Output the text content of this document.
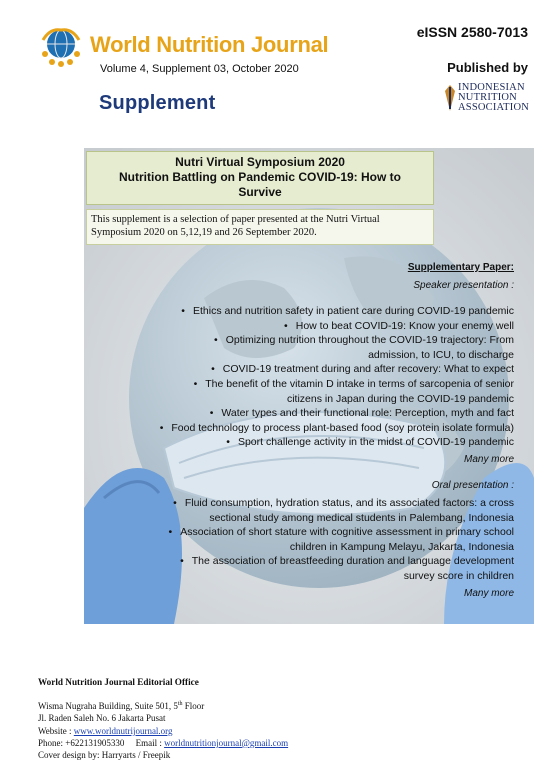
World Nutrition Journal
Volume 4, Supplement 03, October 2020
eISSN 2580-7013
Published by
INDONESIAN
NUTRITION
ASSOCIATION
Supplement
Nutri Virtual Symposium 2020
Nutrition Battling on Pandemic COVID-19: How to
Survive
This supplement is a selection of paper presented at the Nutri Virtual Symposium 2020 on 5,12,19 and 26 September 2020.
Supplementary Paper:
Speaker presentation :
• Ethics and nutrition safety in patient care during COVID-19 pandemic
• How to beat COVID-19: Know your enemy well
• Optimizing nutrition throughout the COVID-19 trajectory: From
admission, to ICU, to discharge
• COVID-19 treatment during and after recovery: What to expect
• The benefit of the vitamin D intake in terms of sarcopenia of senior
citizens in Japan during the COVID-19 pandemic
• Water types and their functional role: Perception, myth and fact
• Food technology to process plant-based food (soy protein isolate formula)
• Sport challenge activity in the midst of COVID-19 pandemic
Many more
Oral presentation :
• Fluid consumption, hydration status, and its associated factors: a cross
sectional study among medical students in Palembang, Indonesia
• Association of short stature with cognitive assessment in primary school
children in Kampung Melayu, Jakarta, Indonesia
• The association of breastfeeding duration and language development
survey score in children
Many more
World Nutrition Journal Editorial Office
Wisma Nugraha Building, Suite 501, 5th Floor
Jl. Raden Saleh No. 6 Jakarta Pusat
Website : www.worldnutrijournal.org
Phone: +622131905330 Email : worldnutritionjournal@gmail.com
Cover design by: Harryarts / Freepik
